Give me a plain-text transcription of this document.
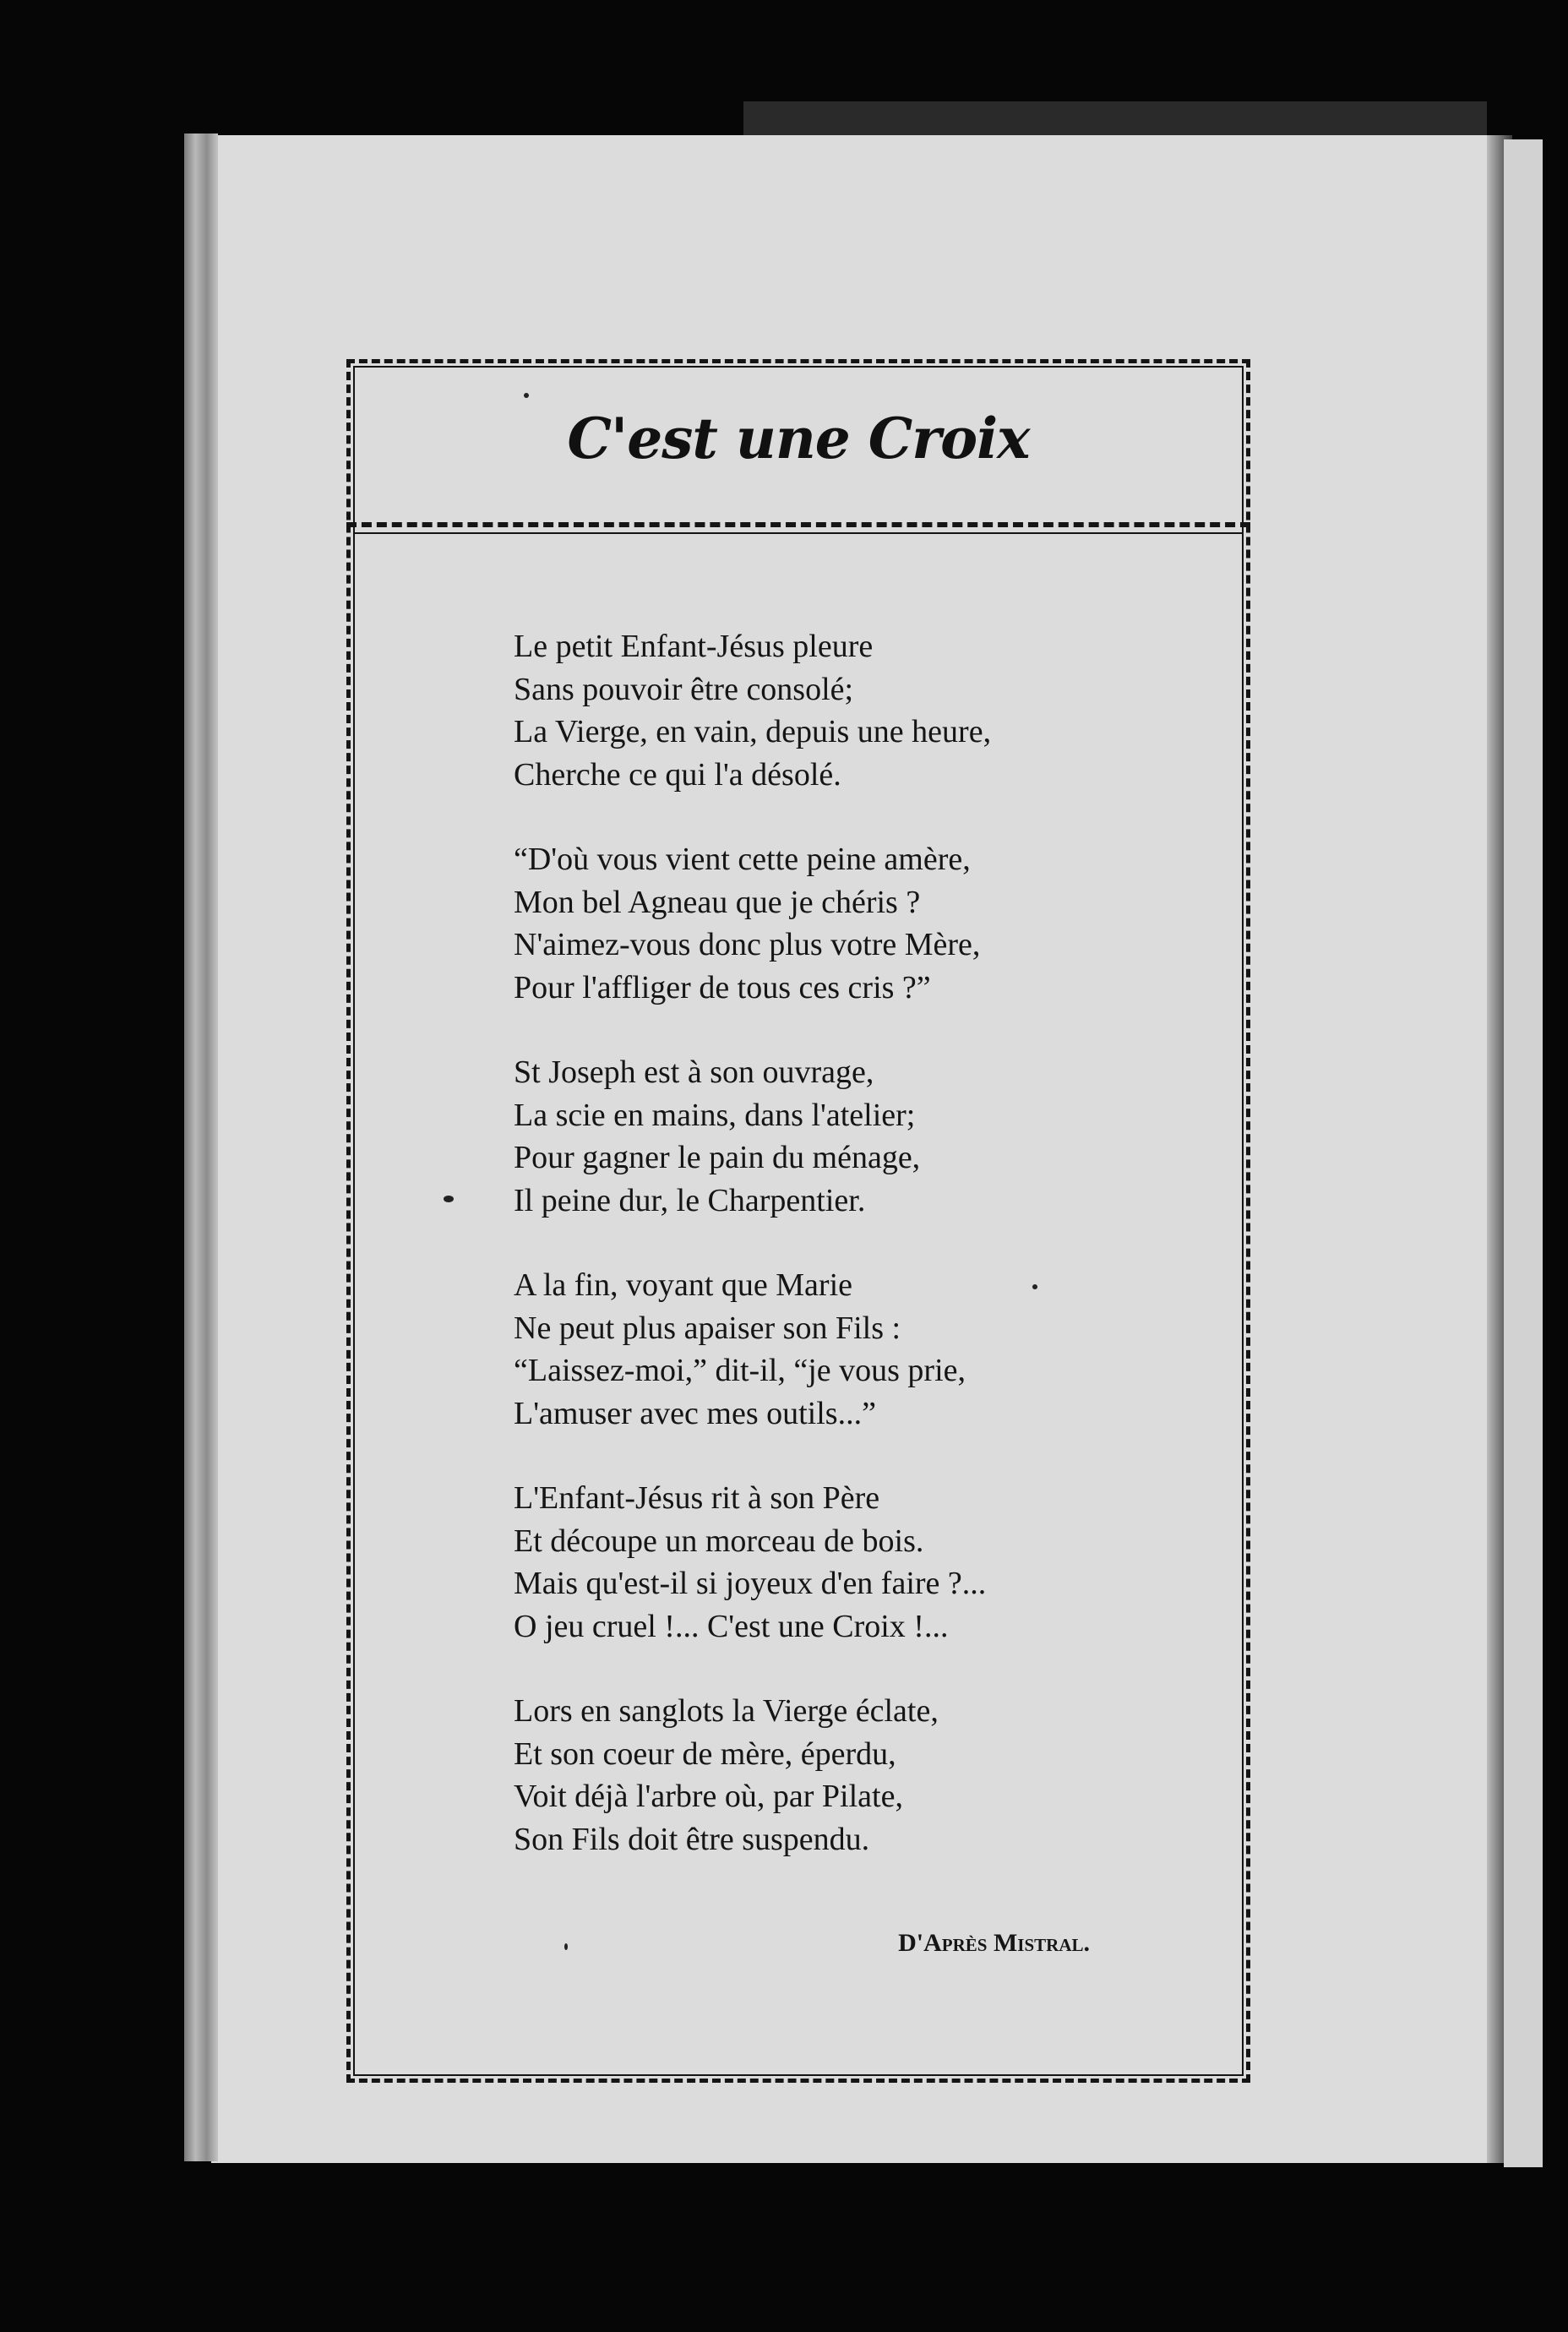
C'est une Croix
Le petit Enfant-Jésus pleure
Sans pouvoir être consolé;
La Vierge, en vain, depuis une heure,
Cherche ce qui l'a désolé.
“D'où vous vient cette peine amère,
Mon bel Agneau que je chéris ?
N'aimez-vous donc plus votre Mère,
Pour l'affliger de tous ces cris ?”
St Joseph est à son ouvrage,
La scie en mains, dans l'atelier;
Pour gagner le pain du ménage,
Il peine dur, le Charpentier.
A la fin, voyant que Marie
Ne peut plus apaiser son Fils :
“Laissez-moi,” dit-il, “je vous prie,
L'amuser avec mes outils...”
L'Enfant-Jésus rit à son Père
Et découpe un morceau de bois.
Mais qu'est-il si joyeux d'en faire ?...
O jeu cruel !... C'est une Croix !...
Lors en sanglots la Vierge éclate,
Et son coeur de mère, éperdu,
Voit déjà l'arbre où, par Pilate,
Son Fils doit être suspendu.
D'Après Mistral.
